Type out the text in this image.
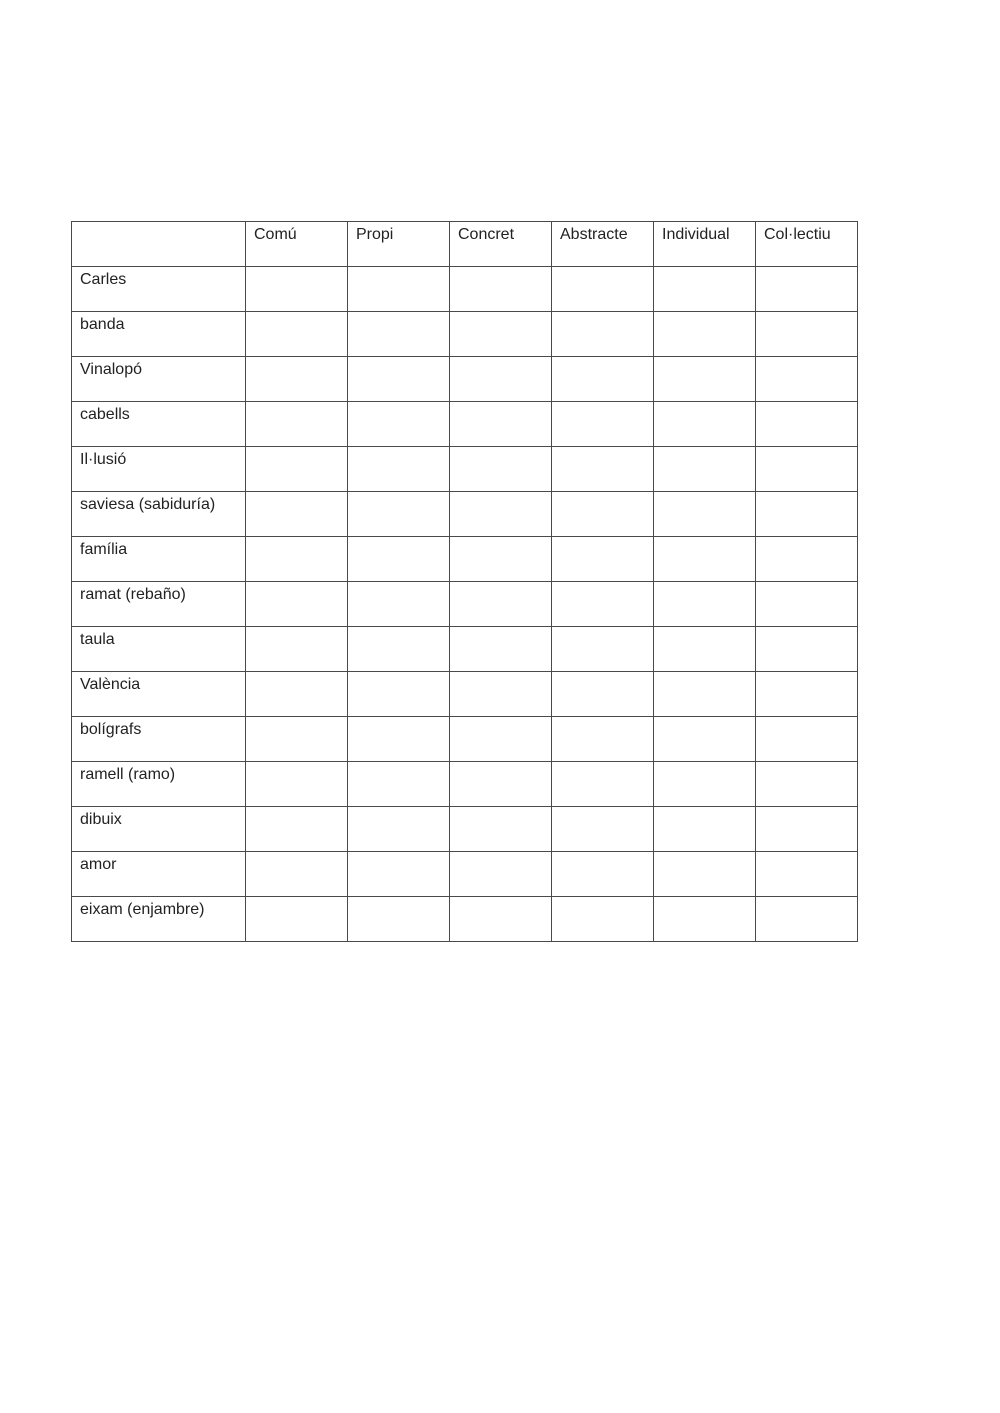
	Comú	Propi	Concret	Abstracte	Individual	Col·lectiu
Carles						
banda						
Vinalopó						
cabells						
Il·lusió						
saviesa (sabiduría)						
família						
ramat (rebaño)						
taula						
València						
bolígrafs						
ramell (ramo)						
dibuix						
amor						
eixam (enjambre)						
